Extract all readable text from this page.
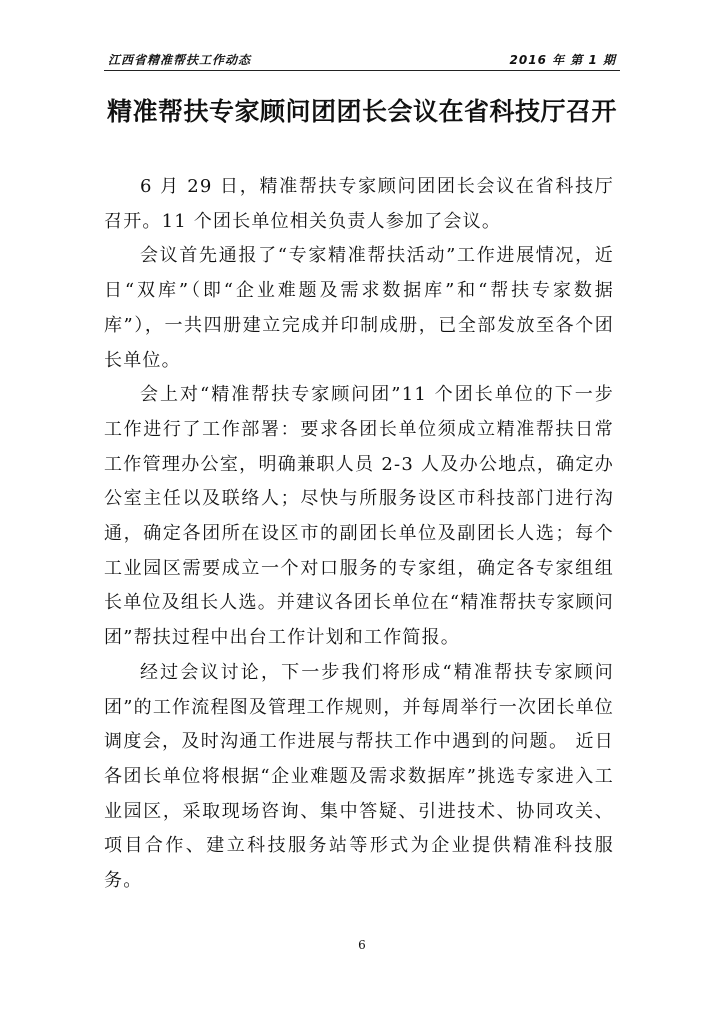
江西省精准帮扶工作动态	2016 年 第 1 期
精准帮扶专家顾问团团长会议在省科技厅召开

6 月 29 日，精准帮扶专家顾问团团长会议在省科技厅召开。11 个团长单位相关负责人参加了会议。

会议首先通报了“专家精准帮扶活动”工作进展情况，近日“双库”（即“企业难题及需求数据库”和“帮扶专家数据库”），一共四册建立完成并印制成册，已全部发放至各个团长单位。

会上对“精准帮扶专家顾问团”11 个团长单位的下一步工作进行了工作部署：要求各团长单位须成立精准帮扶日常工作管理办公室，明确兼职人员 2-3 人及办公地点，确定办公室主任以及联络人；尽快与所服务设区市科技部门进行沟通，确定各团所在设区市的副团长单位及副团长人选；每个工业园区需要成立一个对口服务的专家组，确定各专家组组长单位及组长人选。并建议各团长单位在“精准帮扶专家顾问团”帮扶过程中出台工作计划和工作简报。

经过会议讨论，下一步我们将形成“精准帮扶专家顾问团”的工作流程图及管理工作规则，并每周举行一次团长单位调度会，及时沟通工作进展与帮扶工作中遇到的问题。 近日各团长单位将根据“企业难题及需求数据库”挑选专家进入工业园区，采取现场咨询、集中答疑、引进技术、协同攻关、项目合作、建立科技服务站等形式为企业提供精准科技服务。

6
